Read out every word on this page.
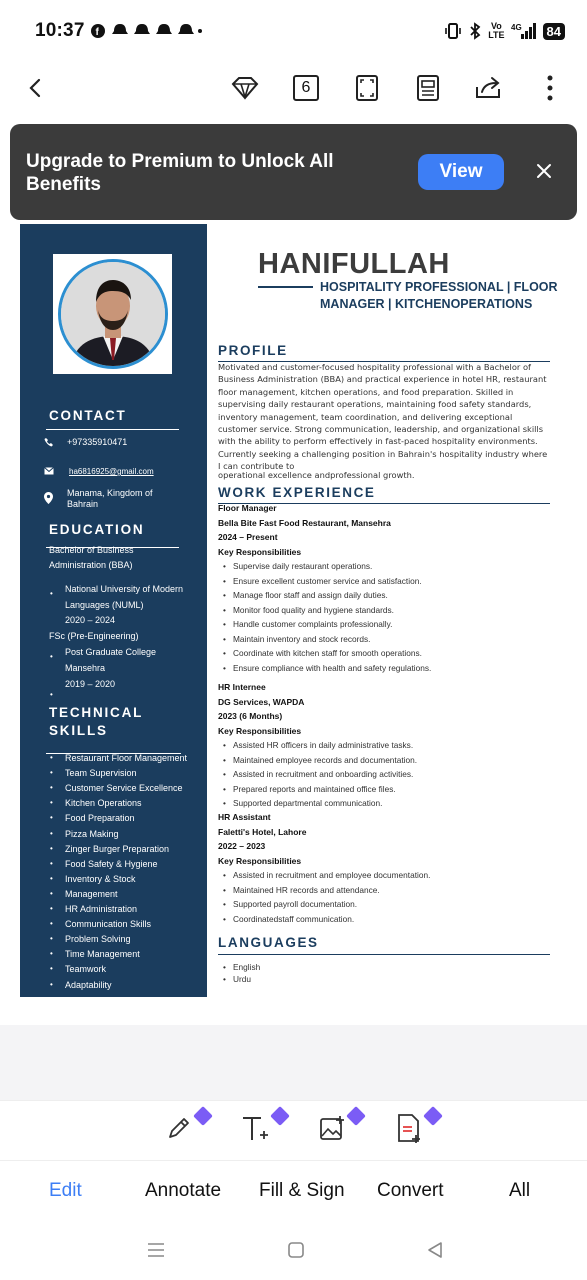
10:37 f
Vo
LTE
4G	84
6
CONTACT
+97335910471
ha6816925@gmail.com
Manama, Kingdom of Bahrain
EDUCATION
Bachelor of Business Administration (BBA)
• National University of Modern Languages (NUML)
2020 – 2024
FSc (Pre-Engineering)
• Post Graduate College Mansehra
2019 – 2020
•
TECHNICAL SKILLS
• Restaurant Floor Management
• Team Supervision
• Customer Service Excellence
• Kitchen Operations
• Food Preparation
• Pizza Making
• Zinger Burger Preparation
• Food Safety & Hygiene
• Inventory & Stock
• Management
• HR Administration
• Communication Skills
• Problem Solving
• Time Management
• Teamwork
• Adaptability
HANIFULLAH
HOSPITALITY PROFESSIONAL | FLOOR MANAGER | KITCHENOPERATIONS
PROFILE
Motivated and customer-focused hospitality professional with a Bachelor of Business Administration (BBA) and practical experience in hotel HR, restaurant floor management, kitchen operations, and food preparation. Skilled in supervising daily restaurant operations, maintaining food safety standards, inventory management, team coordination, and delivering exceptional customer service. Strong communication, leadership, and organizational skills with the ability to perform effectively in fast-paced hospitality environments. Currently seeking a challenging position in Bahrain's hospitality industry where I can contribute to
operational excellence andprofessional growth.
WORK EXPERIENCE
Floor Manager
Bella Bite Fast Food Restaurant, Mansehra
2024 – Present
Key Responsibilities
• Supervise daily restaurant operations.
• Ensure excellent customer service and satisfaction.
• Manage floor staff and assign daily duties.
• Monitor food quality and hygiene standards.
• Handle customer complaints professionally.
• Maintain inventory and stock records.
• Coordinate with kitchen staff for smooth operations.
• Ensure compliance with health and safety regulations.
HR Internee
DG Services, WAPDA
2023 (6 Months)
Key Responsibilities
• Assisted HR officers in daily administrative tasks.
• Maintained employee records and documentation.
• Assisted in recruitment and onboarding activities.
• Prepared reports and maintained office files.
• Supported departmental communication.
HR Assistant
Faletti's Hotel, Lahore
2022 – 2023
Key Responsibilities
• Assisted in recruitment and employee documentation.
• Maintained HR records and attendance.
• Supported payroll documentation.
• Coordinatedstaff communication.
LANGUAGES
• English
• Urdu
Upgrade to Premium to Unlock All Benefits
View
Edit	Annotate Fill & Sign Convert	All
